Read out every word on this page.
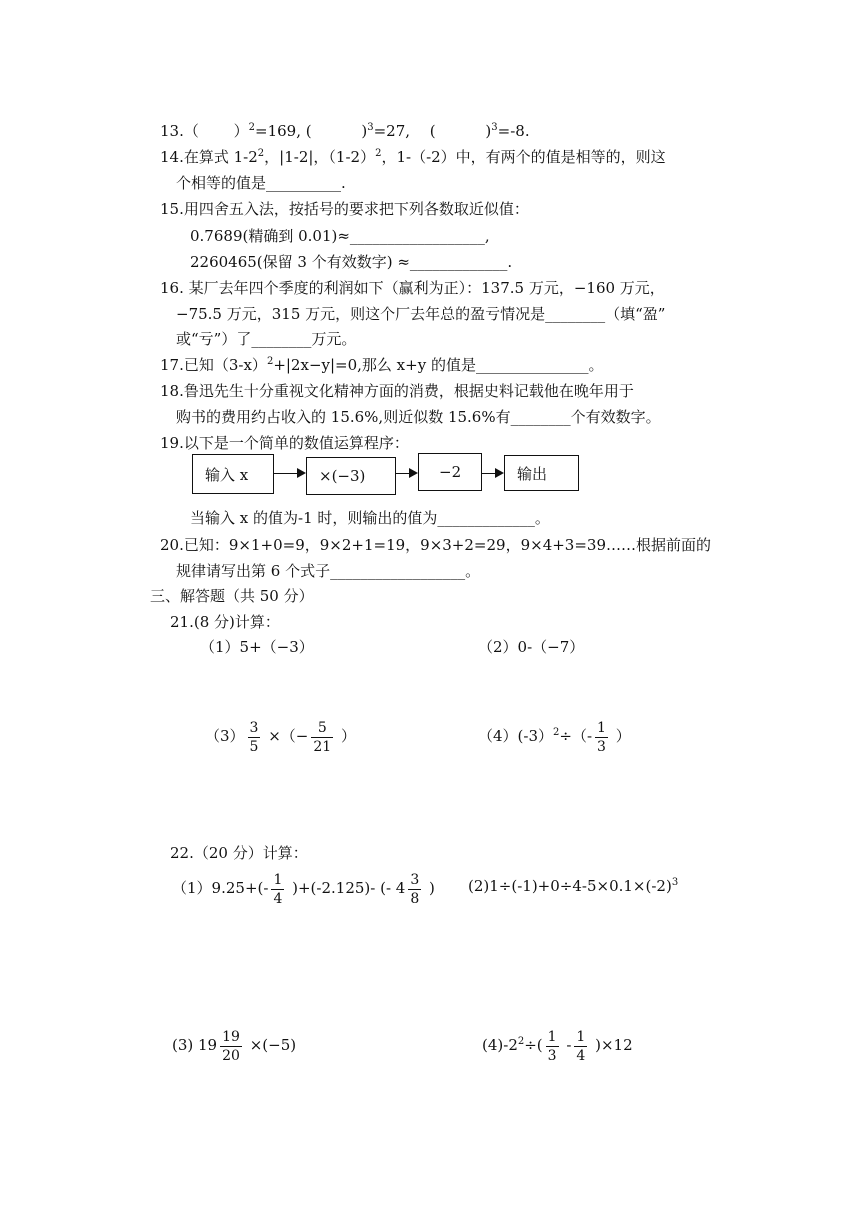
13.（　　 ）$^2$=169, (　　　 )$^3$=27,　 (　　　 )$^3$=-8.
14.在算式 $1-2^2$，|1-2|，$(1-2)^2$，1-（-2）中，有两个的值是相等的，则这
个相等的值是__________.
15.用四舍五入法，按括号的要求把下列各数取近似值：
0.7689(精确到 0.01)≈__________________,
2260465(保留 3 个有效数字) ≈_____________.
16. 某厂去年四个季度的利润如下（赢利为正）：137.5 万元，−160 万元，
−75.5 万元，315 万元，则这个厂去年总的盈亏情况是________（填“盈”
或“亏”）了________万元。
17.已知$(3-x)^2+|2x-y|=0$,那么 x+y 的值是_______________。
18.鲁迅先生十分重视文化精神方面的消费，根据史料记载他在晚年用于
购书的费用约占收入的 15.6%,则近似数 15.6%有________个有效数字。
19.以下是一个简单的数值运算程序：
输入 x	×(−3)	−2	输出
当输入 x 的值为-1 时，则输出的值为_____________。
20.已知：9×1+0=9，9×2+1=19，9×3+2=29，9×4+3=39……根据前面的
规律请写出第 6 个式子__________________。
三、解答题（共 50 分）
21.(8 分)计算：
（1）5+（−3）	（2）0-（−7）
$(3) \frac{3}{5}$ ×（− $\frac{5}{21}$ ）	$(4)(-3)^2\div(- \frac{1}{3}$ ）
22.（20 分）计算：
$(1)9.25+(- \frac{1}{4} )+(-2.125)-$ (- $4 \frac{3}{8}$ ) $(2)1\div(-1)+0\div 4-5\times 0.1\times(-2)^3$
(3) $19 \frac{19}{20} \times(-5)$	$(4)-2^2\div( \frac{1}{3} - \frac{1}{4} )\times 12$
